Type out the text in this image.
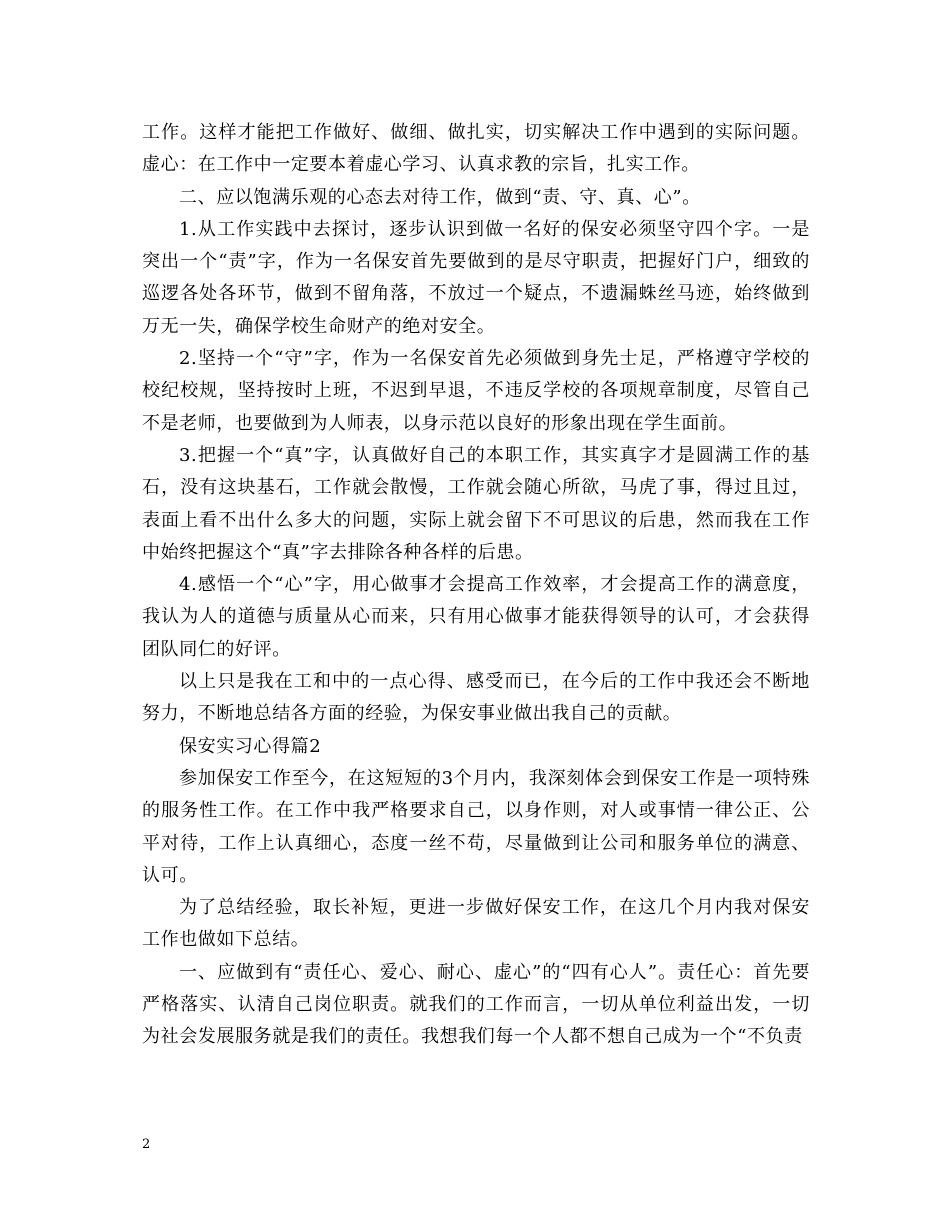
工作。这样才能把工作做好、做细、做扎实，切实解决工作中遇到的实际问题。虚心：在工作中一定要本着虚心学习、认真求教的宗旨，扎实工作。

二、应以饱满乐观的心态去对待工作，做到“责、守、真、心”。

1.从工作实践中去探讨，逐步认识到做一名好的保安必须坚守四个字。一是突出一个“责”字，作为一名保安首先要做到的是尽守职责，把握好门户，细致的巡逻各处各环节，做到不留角落，不放过一个疑点，不遗漏蛛丝马迹，始终做到万无一失，确保学校生命财产的绝对安全。

2.坚持一个“守”字，作为一名保安首先必须做到身先士足，严格遵守学校的校纪校规，坚持按时上班，不迟到早退，不违反学校的各项规章制度，尽管自己不是老师，也要做到为人师表，以身示范以良好的形象出现在学生面前。

3.把握一个“真”字，认真做好自己的本职工作，其实真字才是圆满工作的基石，没有这块基石，工作就会散慢，工作就会随心所欲，马虎了事，得过且过，表面上看不出什么多大的问题，实际上就会留下不可思议的后患，然而我在工作中始终把握这个“真”字去排除各种各样的后患。

4.感悟一个“心”字，用心做事才会提高工作效率，才会提高工作的满意度，我认为人的道德与质量从心而来，只有用心做事才能获得领导的认可，才会获得团队同仁的好评。

以上只是我在工和中的一点心得、感受而已，在今后的工作中我还会不断地努力，不断地总结各方面的经验，为保安事业做出我自己的贡献。

保安实习心得篇2

参加保安工作至今，在这短短的3个月内，我深刻体会到保安工作是一项特殊的服务性工作。在工作中我严格要求自己，以身作则，对人或事情一律公正、公平对待，工作上认真细心，态度一丝不苟，尽量做到让公司和服务单位的满意、认可。

为了总结经验，取长补短，更进一步做好保安工作，在这几个月内我对保安工作也做如下总结。

一、应做到有“责任心、爱心、耐心、虚心”的“四有心人”。责任心：首先要严格落实、认清自己岗位职责。就我们的工作而言，一切从单位利益出发，一切为社会发展服务就是我们的责任。我想我们每一个人都不想自己成为一个“不负责

2
